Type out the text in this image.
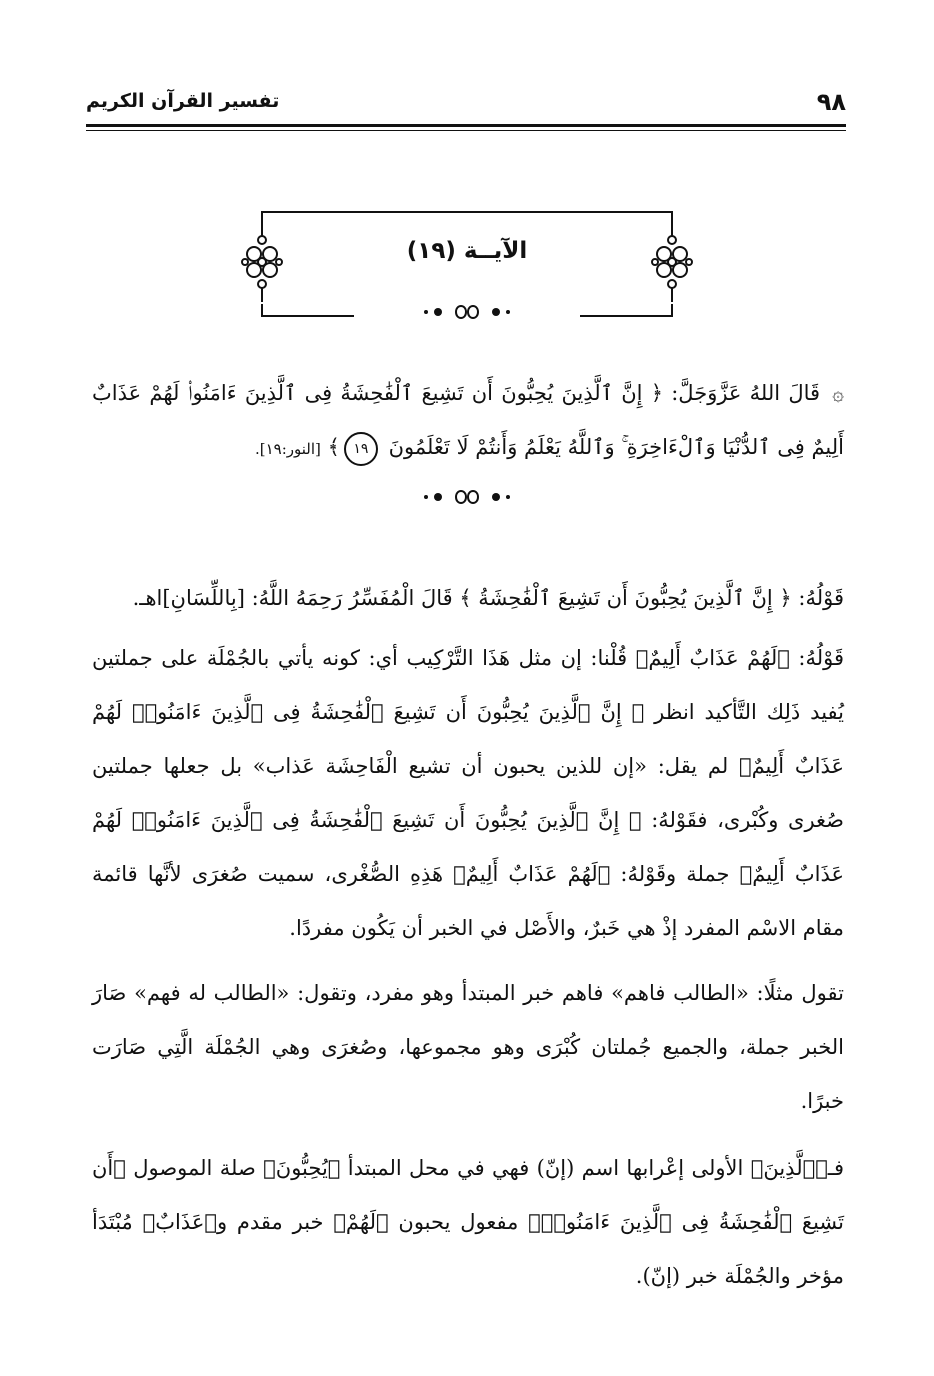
٩٨
تفسير القرآن الكريم
الآيــة (١٩)
۞ قَالَ اللهُ عَزَّوَجَلَّ: ﴿ إِنَّ ٱلَّذِينَ يُحِبُّونَ أَن تَشِيعَ ٱلْفَٰحِشَةُ فِى ٱلَّذِينَ ءَامَنُوا۟ لَهُمْ عَذَابٌ أَلِيمٌ فِى ٱلدُّنْيَا وَٱلْءَاخِرَةِ ۚ وَٱللَّهُ يَعْلَمُ وَأَنتُمْ لَا تَعْلَمُونَ ١٩﴾ [النور:١٩].

قَوْلُهُ: ﴿ إِنَّ ٱلَّذِينَ يُحِبُّونَ أَن تَشِيعَ ٱلْفَٰحِشَةُ ﴾ قَالَ الْمُفَسِّرُ رَحِمَهُ اللَّهُ: [بِاللِّسَانِ]اهـ.

قَوْلُهُ: ﴿لَهُمْ عَذَابٌ أَلِيمٌ﴾ قُلْنا: إن مثل هَذَا التَّرْكِيب أي: كونه يأتي بالجُمْلَة على جملتين يُفيد ذَلِك التَّأكيد انظر ﴿ إِنَّ ٱلَّذِينَ يُحِبُّونَ أَن تَشِيعَ ٱلْفَٰحِشَةُ فِى ٱلَّذِينَ ءَامَنُوا۟ لَهُمْ عَذَابٌ أَلِيمٌ﴾ لم يقل: «إن للذين يحبون أن تشيع الْفَاحِشَة عَذاب» بل جعلها جملتين صُغرى وكُبْرى، فقَوْلهُ: ﴿ إِنَّ ٱلَّذِينَ يُحِبُّونَ أَن تَشِيعَ ٱلْفَٰحِشَةُ فِى ٱلَّذِينَ ءَامَنُوا۟ لَهُمْ عَذَابٌ أَلِيمٌ﴾ جملة وقَوْلهُ: ﴿لَهُمْ عَذَابٌ أَلِيمٌ﴾ هَذِهِ الصُّغْرى، سميت صُغرَى لأنَّها قائمة مقام الاسْم المفرد إذْ هي خَبرٌ، والأَصْل في الخبر أن يَكُون مفردًا.

تقول مثلًا: «الطالب فاهم» فاهم خبر المبتدأ وهو مفرد، وتقول: «الطالب له فهم» صَارَ الخبر جملة، والجميع جُملتان كُبْرَى وهو مجموعها، وصُغرَى وهي الجُمْلَة الَّتِي صَارَت خبرًا.

فـ﴿ٱلَّذِينَ﴾ الأولى إعْرابها اسم (إنّ) فهي في محل المبتدأ ﴿يُحِبُّونَ﴾ صلة الموصول ﴿أَن تَشِيعَ ٱلْفَٰحِشَةُ فِى ٱلَّذِينَ ءَامَنُوا۟﴾ مفعول يحبون ﴿لَهُمْ﴾ خبر مقدم و﴿عَذَابٌ﴾ مُبْتَدَأ مؤخر والجُمْلَة خبر (إنّ).
